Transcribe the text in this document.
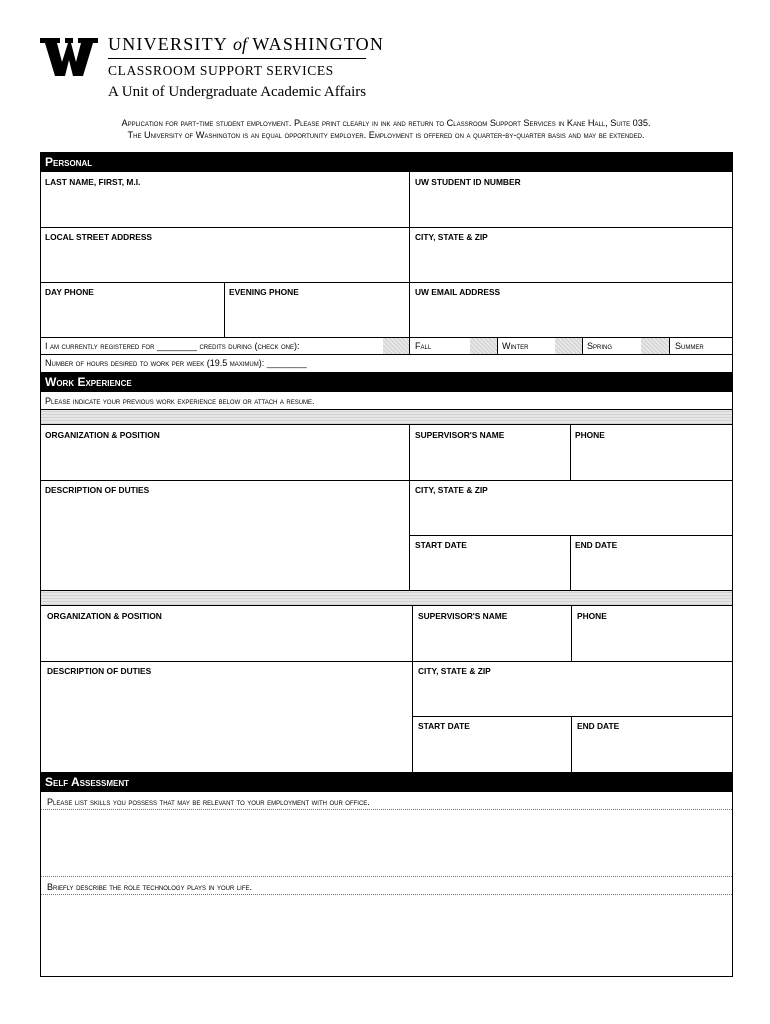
UNIVERSITY of WASHINGTON
CLASSROOM SUPPORT SERVICES
A Unit of Undergraduate Academic Affairs
Application for part-time student employment. Please print clearly in ink and return to Classroom Support Services in Kane Hall, Suite 035.
The University of Washington is an equal opportunity employer. Employment is offered on a quarter-by-quarter basis and may be extended.
Personal
LAST NAME, FIRST, M.I.	UW STUDENT ID NUMBER
LOCAL STREET ADDRESS	CITY, STATE & ZIP
DAY PHONE	EVENING PHONE	UW EMAIL ADDRESS
I am currently registered for ________ credits during (check one):	Fall	Winter	Spring	Summer
Number of hours desired to work per week (19.5 maximum): ________
Work Experience
Please indicate your previous work experience below or attach a resume.
ORGANIZATION & POSITION	SUPERVISOR'S NAME	PHONE
DESCRIPTION OF DUTIES	CITY, STATE & ZIP
START DATE	END DATE
ORGANIZATION & POSITION	SUPERVISOR'S NAME	PHONE
DESCRIPTION OF DUTIES	CITY, STATE & ZIP
START DATE	END DATE
Self Assessment
Please list skills you possess that may be relevant to your employment with our office.
Briefly describe the role technology plays in your life.
